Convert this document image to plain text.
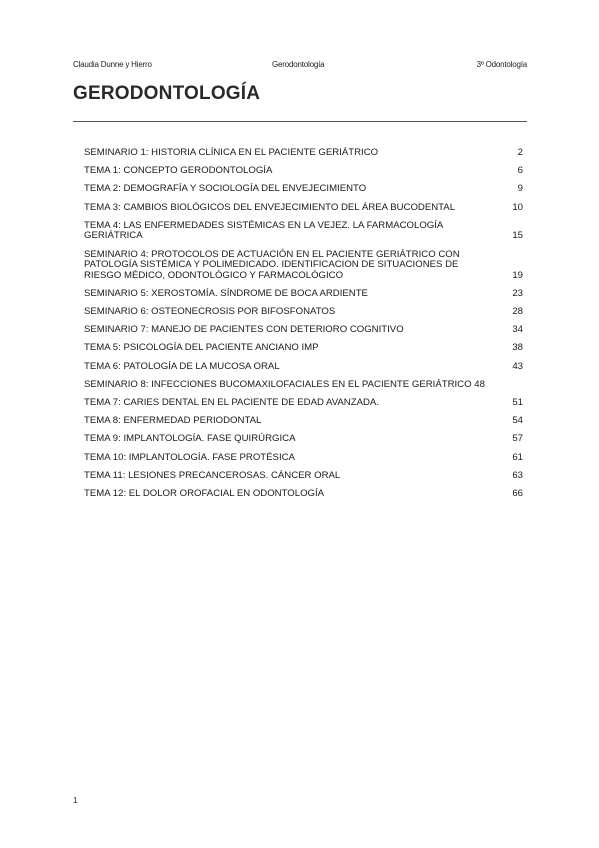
Claudia Dunne y Hierro	Gerodontología	3º Odontología
GERODONTOLOGÍA
SEMINARIO 1: HISTORIA CLÍNICA EN EL PACIENTE GERIÁTRICO	2
TEMA 1: CONCEPTO GERODONTOLOGÍA	6
TEMA 2: DEMOGRAFÍA Y SOCIOLOGÍA DEL ENVEJECIMIENTO	9
TEMA 3: CAMBIOS BIOLÓGICOS DEL ENVEJECIMIENTO DEL ÁREA BUCODENTAL	10
TEMA 4: LAS ENFERMEDADES SISTÉMICAS EN LA VEJEZ. LA FARMACOLOGÍA
GERIÁTRICA	15
SEMINARIO 4: PROTOCOLOS DE ACTUACIÓN EN EL PACIENTE GERIÁTRICO CON
PATOLOGÍA SISTÉMICA Y POLIMEDICADO. IDENTIFICACION DE SITUACIONES DE
RIESGO MÉDICO, ODONTOLÓGICO Y FARMACOLÓGICO	19
SEMINARIO 5: XEROSTOMÍA. SÍNDROME DE BOCA ARDIENTE	23
SEMINARIO 6: OSTEONECROSIS POR BIFOSFONATOS	28
SEMINARIO 7: MANEJO DE PACIENTES CON DETERIORO COGNITIVO	34
TEMA 5: PSICOLOGÍA DEL PACIENTE ANCIANO IMP	38
TEMA 6: PATOLOGÍA DE LA MUCOSA ORAL	43
SEMINARIO 8: INFECCIONES BUCOMAXILOFACIALES EN EL PACIENTE GERIÁTRICO 48
TEMA 7: CARIES DENTAL EN EL PACIENTE DE EDAD AVANZADA.	51
TEMA 8: ENFERMEDAD PERIODONTAL	54
TEMA 9: IMPLANTOLOGÍA. FASE QUIRÚRGICA	57
TEMA 10: IMPLANTOLOGÍA. FASE PROTÉSICA	61
TEMA 11: LESIONES PRECANCEROSAS. CÁNCER ORAL	63
TEMA 12: EL DOLOR OROFACIAL EN ODONTOLOGÍA	66
1
